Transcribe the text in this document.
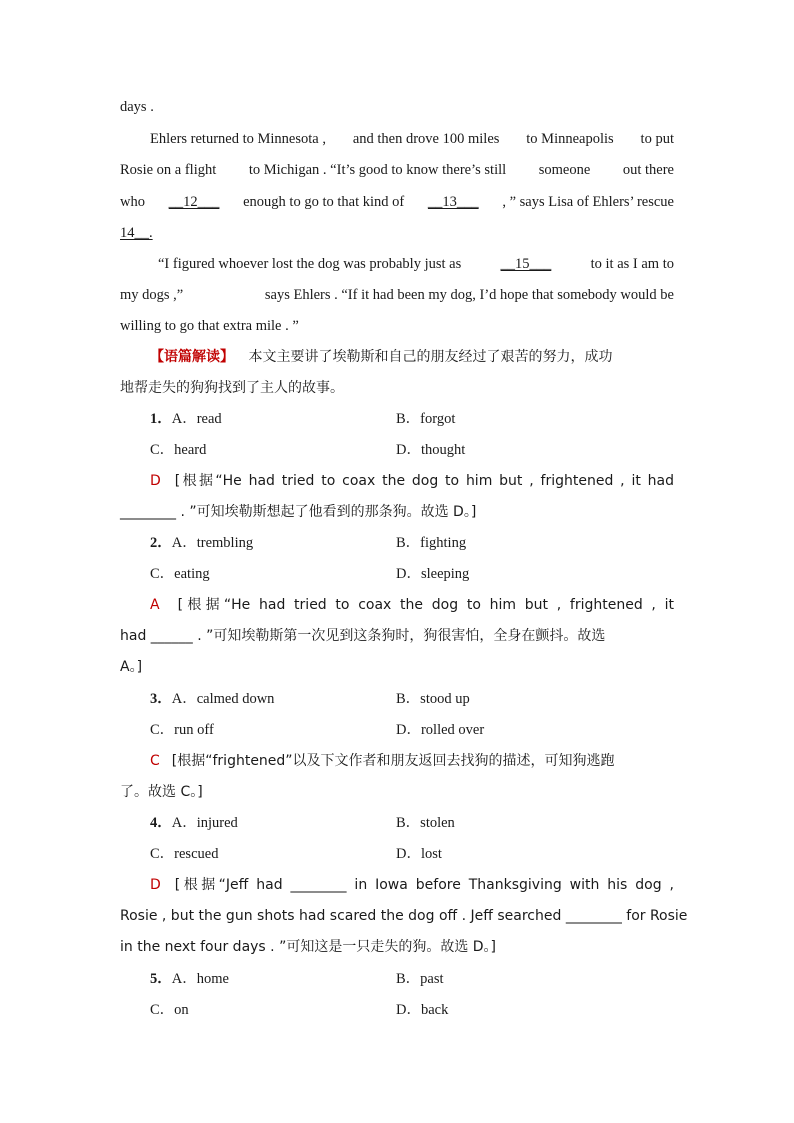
days .
Ehlers returned to Minnesota , and then drove 100 miles to Minneapolis to put
Rosie on a flight to Michigan . “It’s good to know there’s still someone out there
who __12___ enough to go to that kind of __13___ , ” says Lisa of Ehlers’ rescue
14__.
“I figured whoever lost the dog was probably just as	__15___	to it as I am to
my dogs ,”	says Ehlers . “If it had been my dog, I’d hope that somebody would be
willing to go that extra mile . ”
【语篇解读】 本文主要讲了埃勒斯和自己的朋友经过了艰苦的努力，成功
地帮走失的狗狗找到了主人的故事。
1．A．read	B．forgot
C．heard	D．thought
D [根据“He had tried to coax the dog to him but , frightened , it had
________ . ”可知埃勒斯想起了他看到的那条狗。故选 D。]
2．A．trembling	B．fighting
C．eating	D．sleeping
A [根据“He had tried to coax the dog to him but , frightened , it
had ______ . ”可知埃勒斯第一次见到这条狗时，狗很害怕，全身在颤抖。故选
A。]
3．A．calmed down	B．stood up
C．run off	D．rolled over
C [根据“frightened”以及下文作者和朋友返回去找狗的描述，可知狗逃跑
了。故选 C。]
4．A．injured	B．stolen
C．rescued	D．lost
D [根据“Jeff had ________ in Iowa before Thanksgiving with his dog ,
Rosie , but the gun shots had scared the dog off . Jeff searched ________ for Rosie
in the next four days . ”可知这是一只走失的狗。故选 D。]
5．A．home	B．past
C．on	D．back
